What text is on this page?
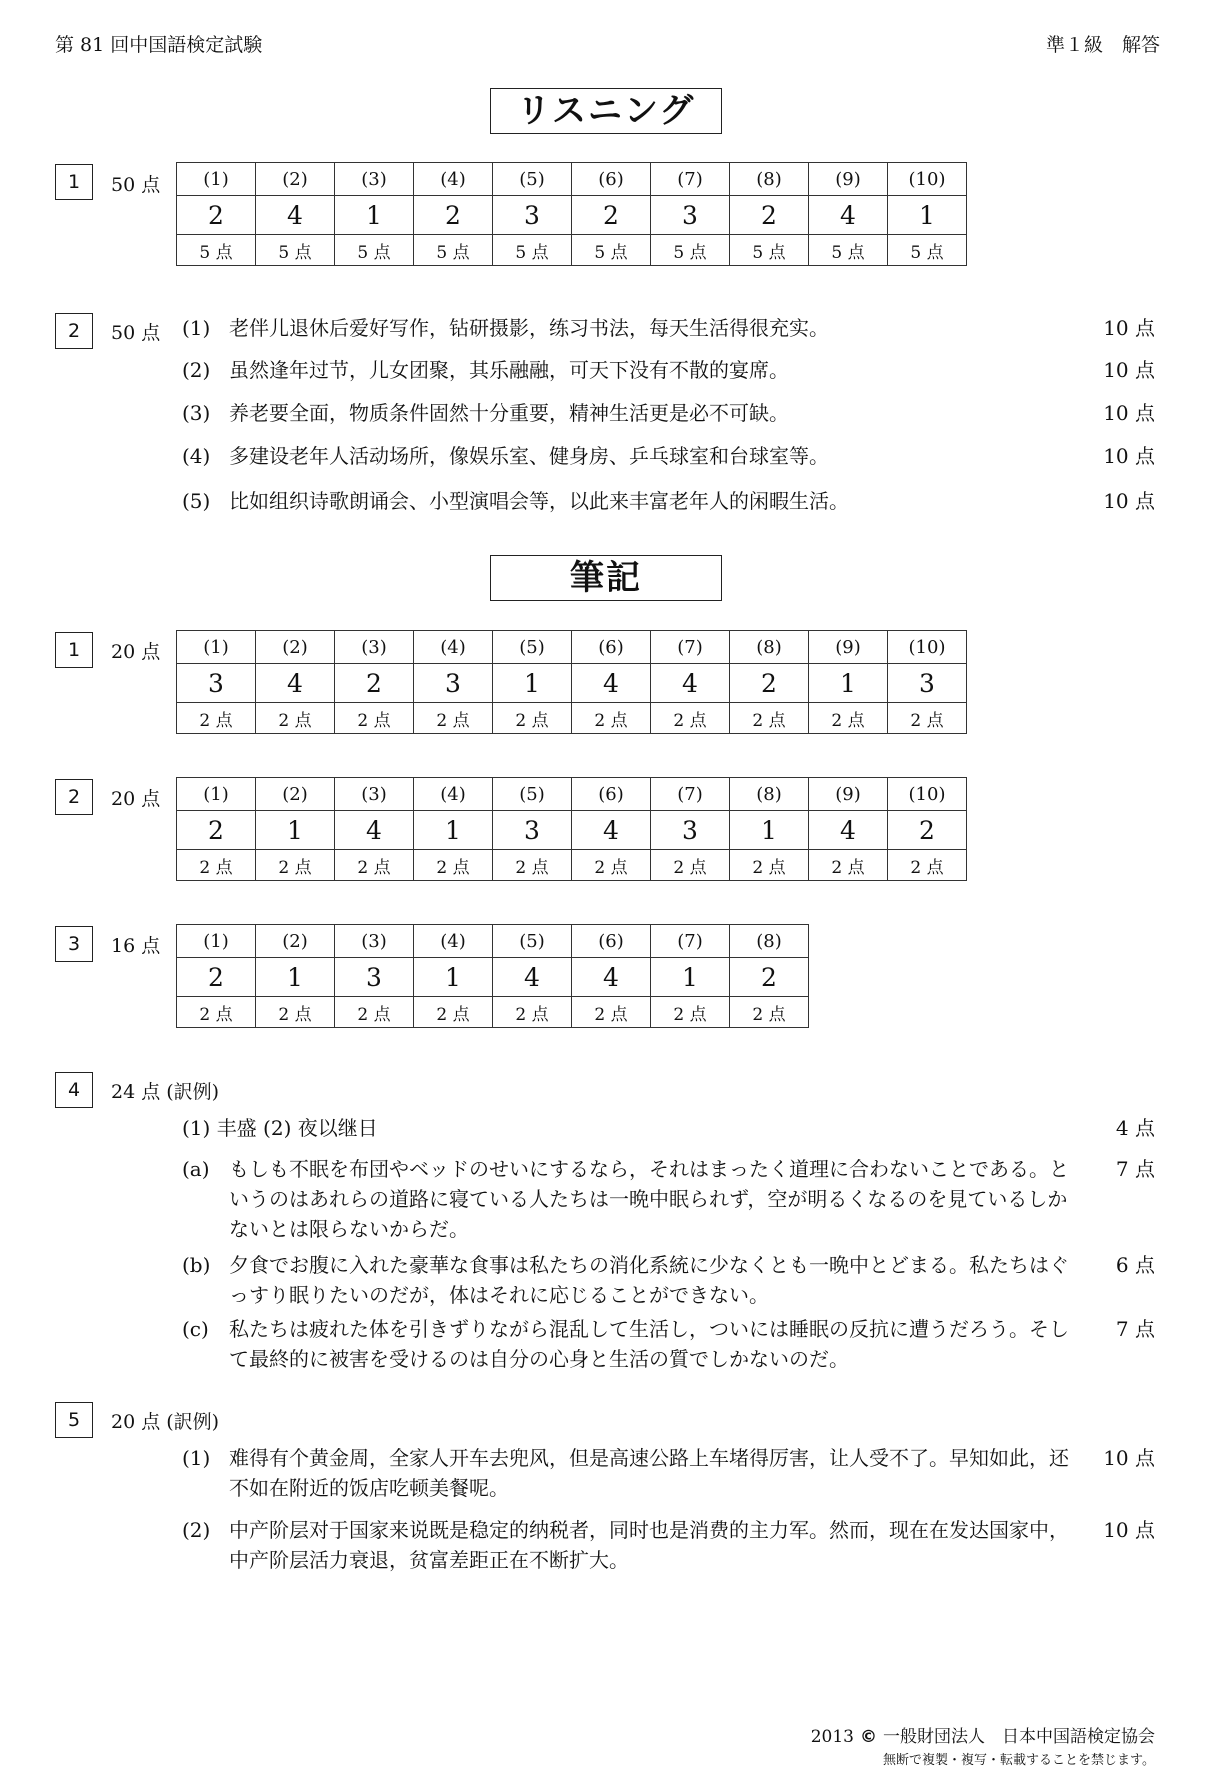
第 81 回中国語検定試験	準１級　解答
リスニング
1	50 点 (1)	(2)	(3)	(4)	(5)	(6)	(7)	(8)	(9)	(10)
2	4	1	2	3	2	3	2	4	1
5 点	5 点	5 点	5 点	5 点	5 点	5 点	5 点	5 点	5 点
2	50 点 (1) 老伴儿退休后爱好写作，钻研摄影，练习书法，每天生活得很充实。	10 点
(2) 虽然逢年过节，儿女团聚，其乐融融，可天下没有不散的宴席。	10 点
(3) 养老要全面，物质条件固然十分重要，精神生活更是必不可缺。	10 点
(4) 多建设老年人活动场所，像娱乐室、健身房、乒乓球室和台球室等。	10 点
(5) 比如组织诗歌朗诵会、小型演唱会等，以此来丰富老年人的闲暇生活。	10 点
筆記
1	20 点 (1)	(2)	(3)	(4)	(5)	(6)	(7)	(8)	(9)	(10)
3	4	2	3	1	4	4	2	1	3
2 点	2 点	2 点	2 点	2 点	2 点	2 点	2 点	2 点	2 点
2	20 点 (1)	(2)	(3)	(4)	(5)	(6)	(7)	(8)	(9)	(10)
2	1	4	1	3	4	3	1	4	2
2 点	2 点	2 点	2 点	2 点	2 点	2 点	2 点	2 点	2 点
3	16 点 (1)	(2)	(3)	(4)	(5)	(6)	(7)	(8)
2	1	3	1	4	4	1	2
2 点	2 点	2 点	2 点	2 点	2 点	2 点	2 点
4	24 点 (訳例)
(1) 丰盛 (2) 夜以继日	4 点
(a) もしも不眠を布団やベッドのせいにするなら，それはまったく道理に合わないことである。というのはあれらの道路に寝ている人たちは一晩中眠られず，空が明るくなるのを見ているしかないとは限らないからだ。
7 点
(b) 夕食でお腹に入れた豪華な食事は私たちの消化系統に少なくとも一晩中とどまる。私たちはぐっすり眠りたいのだが，体はそれに応じることができない。
6 点
(c) 私たちは疲れた体を引きずりながら混乱して生活し，ついには睡眠の反抗に遭うだろう。そして最終的に被害を受けるのは自分の心身と生活の質でしかないのだ。
7 点
5	20 点 (訳例)
(1) 难得有个黄金周，全家人开车去兜风，但是高速公路上车堵得厉害，让人受不了。早知如此，还不如在附近的饭店吃顿美餐呢。
10 点
(2) 中产阶层对于国家来说既是稳定的纳税者，同时也是消费的主力军。然而，现在在发达国家中，中产阶层活力衰退，贫富差距正在不断扩大。
10 点
2013 © 一般財団法人　日本中国語検定協会
無断で複製・複写・転載することを禁じます。
